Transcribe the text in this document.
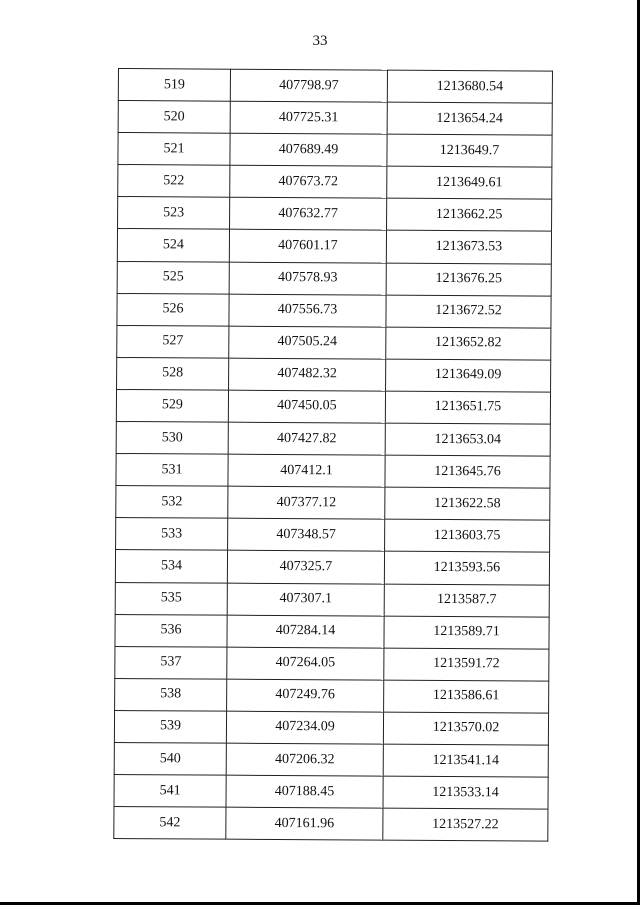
33
519	407798.97	1213680.54
520	407725.31	1213654.24
521	407689.49	1213649.7
522	407673.72	1213649.61
523	407632.77	1213662.25
524	407601.17	1213673.53
525	407578.93	1213676.25
526	407556.73	1213672.52
527	407505.24	1213652.82
528	407482.32	1213649.09
529	407450.05	1213651.75
530	407427.82	1213653.04
531	407412.1	1213645.76
532	407377.12	1213622.58
533	407348.57	1213603.75
534	407325.7	1213593.56
535	407307.1	1213587.7
536	407284.14	1213589.71
537	407264.05	1213591.72
538	407249.76	1213586.61
539	407234.09	1213570.02
540	407206.32	1213541.14
541	407188.45	1213533.14
542	407161.96	1213527.22
